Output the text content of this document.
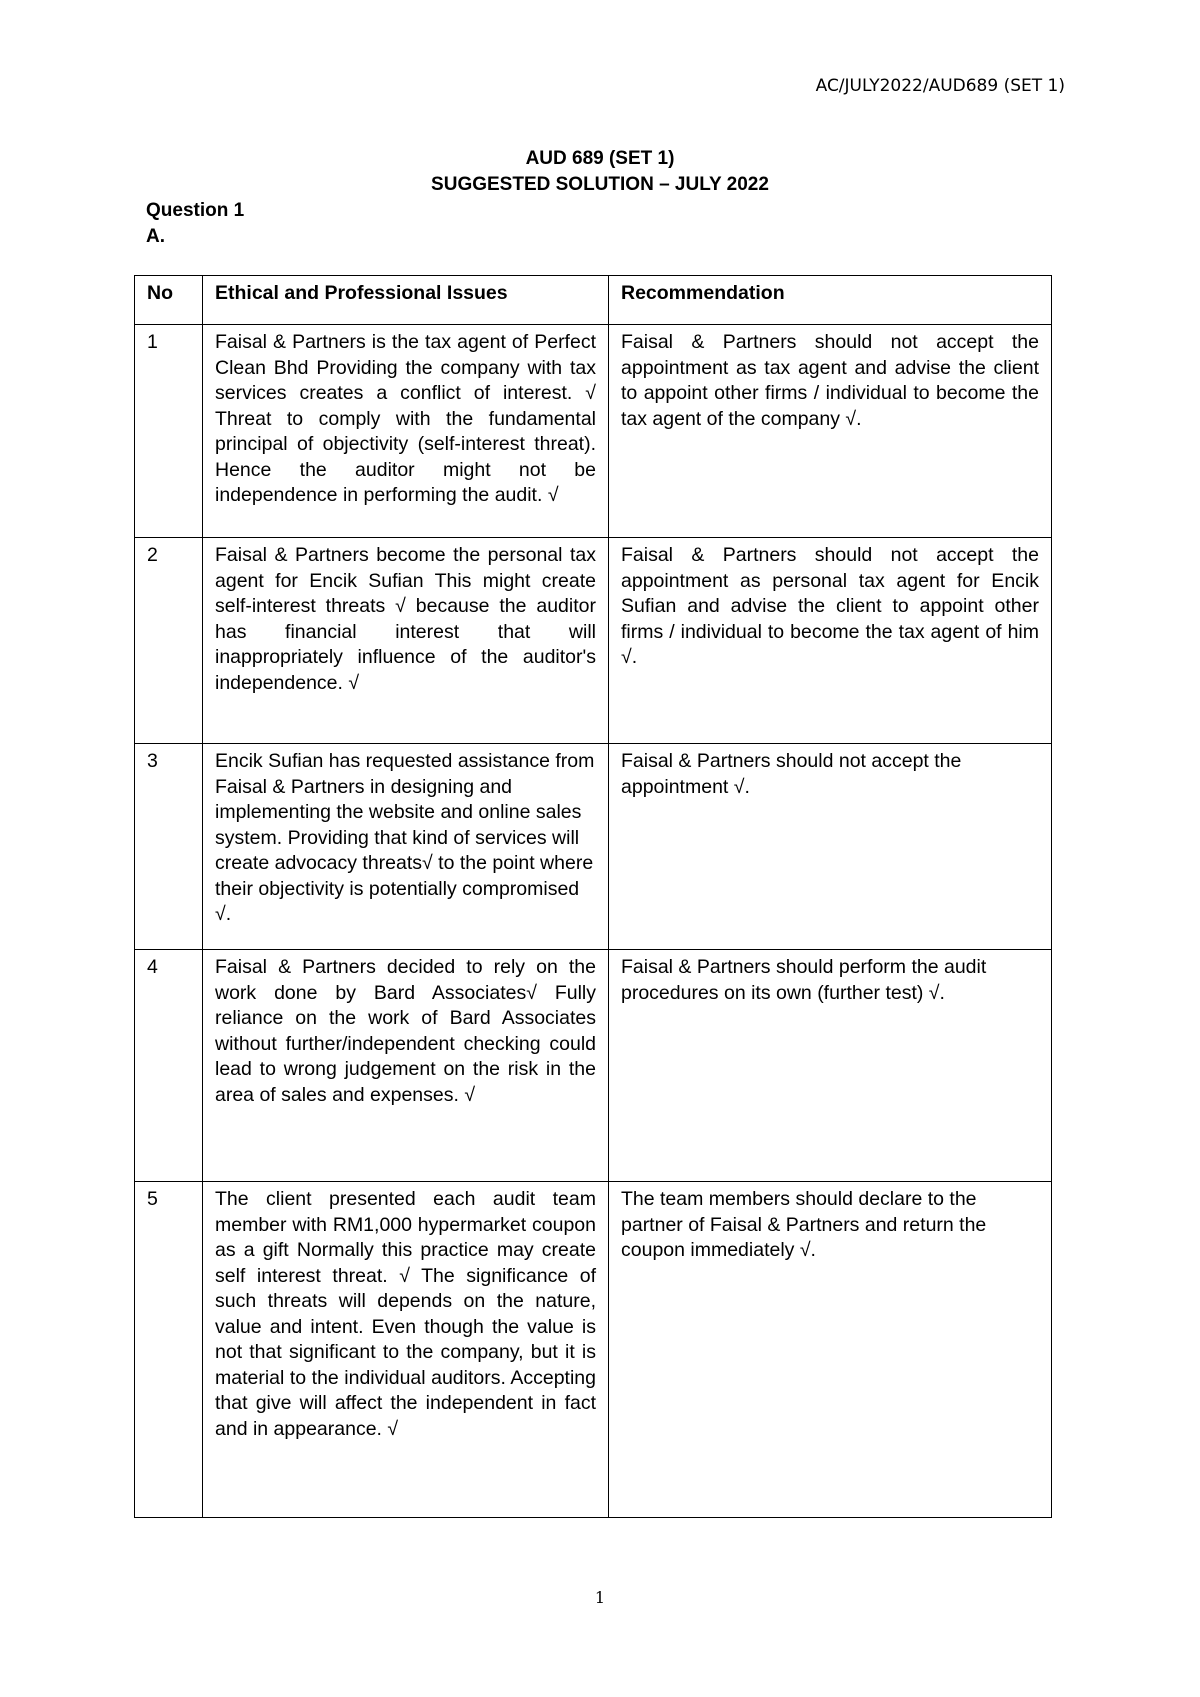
AC/JULY2022/AUD689 (SET 1)
AUD 689 (SET 1)
SUGGESTED SOLUTION – JULY 2022
Question 1
A.
No	Ethical and Professional Issues	Recommendation
1	Faisal & Partners is the tax agent of Perfect Clean Bhd Providing the company with tax services creates a conflict of interest. √ Threat to comply with the fundamental principal of objectivity (self-interest threat). Hence the auditor might not be independence in performing the audit. √	Faisal & Partners should not accept the appointment as tax agent and advise the client to appoint other firms / individual to become the tax agent of the company √.
2	Faisal & Partners become the personal tax agent for Encik Sufian This might create self-interest threats √ because the auditor has financial interest that will inappropriately influence of the auditor's independence. √	Faisal & Partners should not accept the appointment as personal tax agent for Encik Sufian and advise the client to appoint other firms / individual to become the tax agent of him √.
3	Encik Sufian has requested assistance from Faisal & Partners in designing and implementing the website and online sales system. Providing that kind of services will create advocacy threats√ to the point where their objectivity is potentially compromised √.	Faisal & Partners should not accept the appointment √.
4	Faisal & Partners decided to rely on the work done by Bard Associates√ Fully reliance on the work of Bard Associates without further/independent checking could lead to wrong judgement on the risk in the area of sales and expenses. √	Faisal & Partners should perform the audit procedures on its own (further test) √.
5	The client presented each audit team member with RM1,000 hypermarket coupon as a gift Normally this practice may create self interest threat. √ The significance of such threats will depends on the nature, value and intent. Even though the value is not that significant to the company, but it is material to the individual auditors. Accepting that give will affect the independent in fact and in appearance. √	The team members should declare to the partner of Faisal & Partners and return the coupon immediately √.
1
